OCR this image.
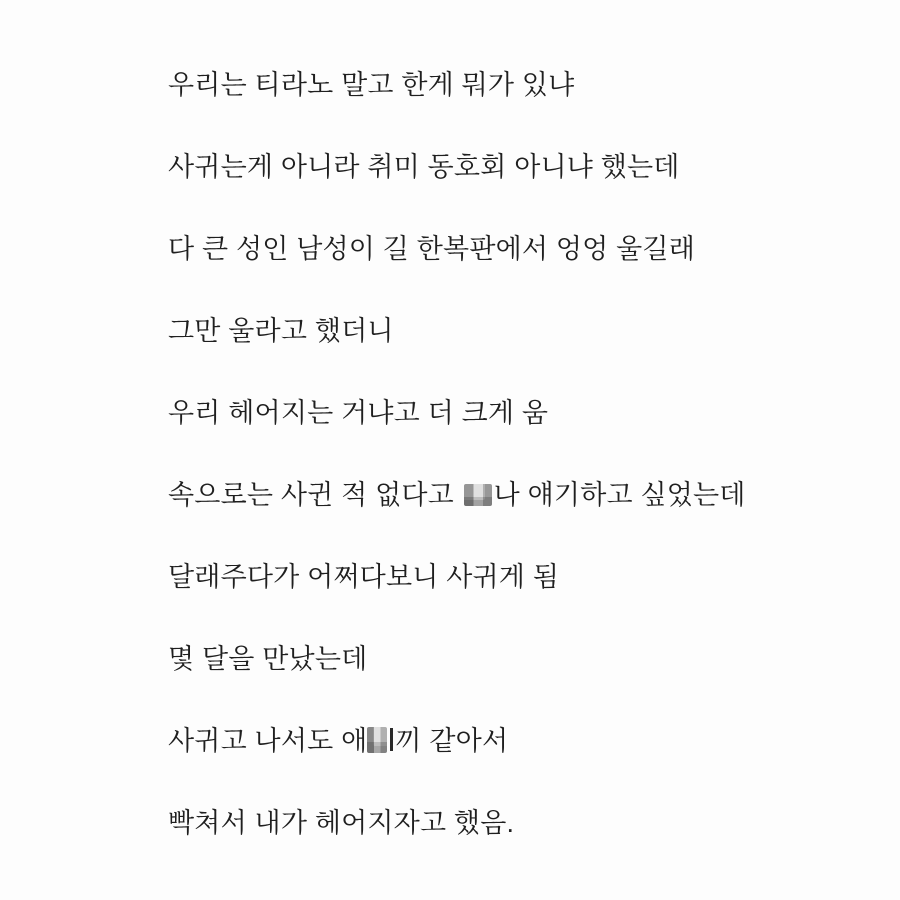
우리는 티라노 말고 한게 뭐가 있냐

사귀는게 아니라 취미 동호회 아니냐 했는데

다 큰 성인 남성이 길 한복판에서 엉엉 울길래

그만 울라고 했더니

우리 헤어지는 거냐고 더 크게 움

속으로는 사귄 적 없다고 나 얘기하고 싶었는데

달래주다가 어쩌다보니 사귀게 됨

몇 달을 만났는데

사귀고 나서도 애 끼 같아서

빡쳐서 내가 헤어지자고 했음.
